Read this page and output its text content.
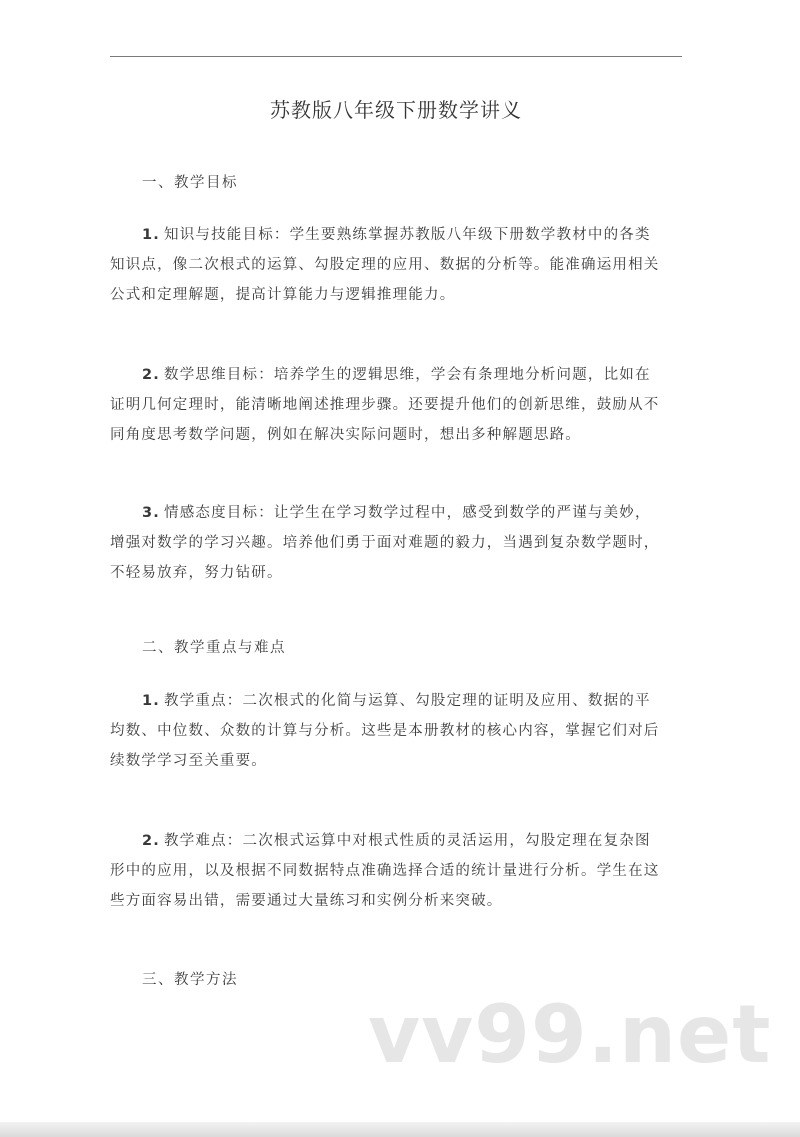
苏教版八年级下册数学讲义
一、教学目标
1. 知识与技能目标：学生要熟练掌握苏教版八年级下册数学教材中的各类
知识点，像二次根式的运算、勾股定理的应用、数据的分析等。能准确运用相关
公式和定理解题，提高计算能力与逻辑推理能力。
2. 数学思维目标：培养学生的逻辑思维，学会有条理地分析问题，比如在
证明几何定理时，能清晰地阐述推理步骤。还要提升他们的创新思维，鼓励从不
同角度思考数学问题，例如在解决实际问题时，想出多种解题思路。
3. 情感态度目标：让学生在学习数学过程中，感受到数学的严谨与美妙，
增强对数学的学习兴趣。培养他们勇于面对难题的毅力，当遇到复杂数学题时，
不轻易放弃，努力钻研。
二、教学重点与难点
1. 教学重点：二次根式的化简与运算、勾股定理的证明及应用、数据的平
均数、中位数、众数的计算与分析。这些是本册教材的核心内容，掌握它们对后
续数学学习至关重要。
2. 教学难点：二次根式运算中对根式性质的灵活运用，勾股定理在复杂图
形中的应用，以及根据不同数据特点准确选择合适的统计量进行分析。学生在这
些方面容易出错，需要通过大量练习和实例分析来突破。
三、教学方法
vv99.net
